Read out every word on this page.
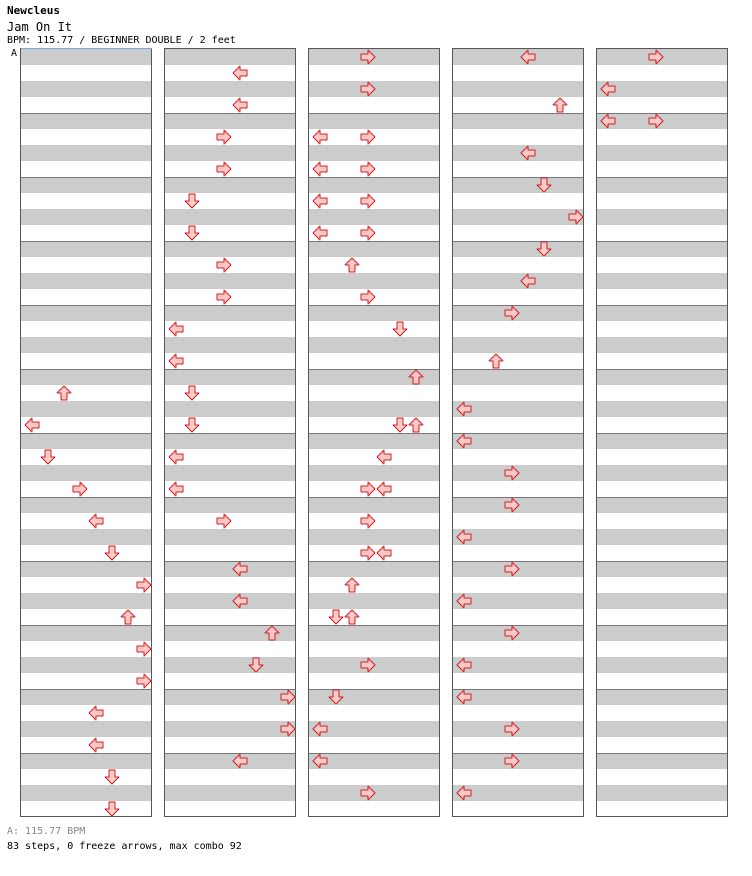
Newcleus
Jam On It
BPM: 115.77 / BEGINNER DOUBLE / 2 feet
A
A: 115.77 BPM
83 steps, 0 freeze arrows, max combo 92
